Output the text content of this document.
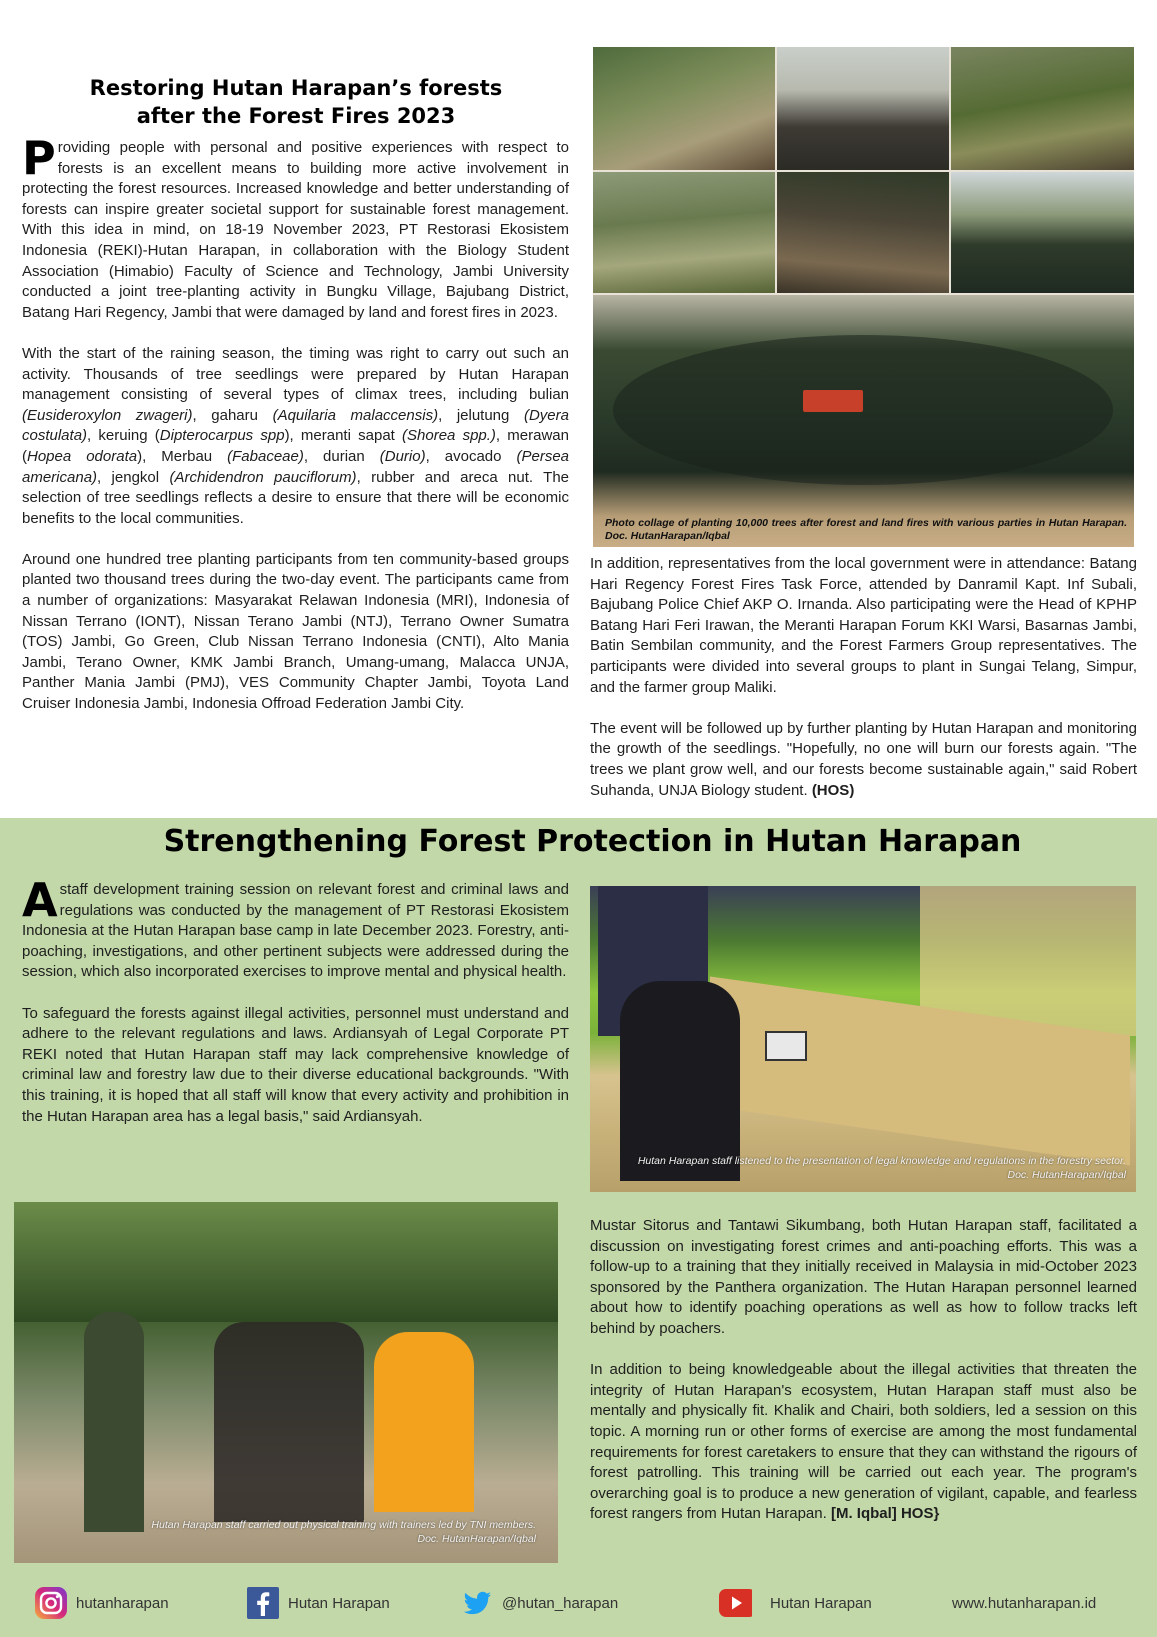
Restoring Hutan Harapan’s forests
after the Forest Fires 2023

Providing people with personal and positive experiences with respect to forests is an excellent means to building more active involvement in protecting the forest resources. Increased knowledge and better understanding of forests can inspire greater societal support for sustainable forest management. With this idea in mind, on 18-19 November 2023, PT Restorasi Ekosistem Indonesia (REKI)-Hutan Harapan, in collaboration with the Biology Student Association (Himabio) Faculty of Science and Technology, Jambi University conducted a joint tree-planting activity in Bungku Village, Bajubang District, Batang Hari Regency, Jambi that were damaged by land and forest fires in 2023.

With the start of the raining season, the timing was right to carry out such an activity. Thousands of tree seedlings were prepared by Hutan Harapan management consisting of several types of climax trees, including bulian (Eusideroxylon zwageri), gaharu (Aquilaria malaccensis), jelutung (Dyera costulata), keruing (Dipterocarpus spp), meranti sapat (Shorea spp.), merawan (Hopea odorata), Merbau (Fabaceae), durian (Durio), avocado (Persea americana), jengkol (Archidendron pauciflorum), rubber and areca nut. The selection of tree seedlings reflects a desire to ensure that there will be economic benefits to the local communities.

Around one hundred tree planting participants from ten community-based groups planted two thousand trees during the two-day event. The participants came from a number of organizations: Masyarakat Relawan Indonesia (MRI), Indonesia of Nissan Terrano (IONT), Nissan Terano Jambi (NTJ), Terrano Owner Sumatra (TOS) Jambi, Go Green, Club Nissan Terrano Indonesia (CNTI), Alto Mania Jambi, Terano Owner, KMK Jambi Branch, Umang-umang, Malacca UNJA, Panther Mania Jambi (PMJ), VES Community Chapter Jambi, Toyota Land Cruiser Indonesia Jambi, Indonesia Offroad Federation Jambi City.

Photo collage of planting 10,000 trees after forest and land fires with various parties in Hutan Harapan. Doc. HutanHarapan/Iqbal

In addition, representatives from the local government were in attendance: Batang Hari Regency Forest Fires Task Force, attended by Danramil Kapt. Inf Subali, Bajubang Police Chief AKP O. Irnanda. Also participating were the Head of KPHP Batang Hari Feri Irawan, the Meranti Harapan Forum KKI Warsi, Basarnas Jambi, Batin Sembilan community, and the Forest Farmers Group representatives. The participants were divided into several groups to plant in Sungai Telang, Simpur, and the farmer group Maliki.

The event will be followed up by further planting by Hutan Harapan and monitoring the growth of the seedlings. "Hopefully, no one will burn our forests again. "The trees we plant grow well, and our forests become sustainable again," said Robert Suhanda, UNJA Biology student. (HOS)

Strengthening Forest Protection in Hutan Harapan

A staff development training session on relevant forest and criminal laws and regulations was conducted by the management of PT Restorasi Ekosistem Indonesia at the Hutan Harapan base camp in late December 2023. Forestry, anti-poaching, investigations, and other pertinent subjects were addressed during the session, which also incorporated exercises to improve mental and physical health.

To safeguard the forests against illegal activities, personnel must understand and adhere to the relevant regulations and laws. Ardiansyah of Legal Corporate PT REKI noted that Hutan Harapan staff may lack comprehensive knowledge of criminal law and forestry law due to their diverse educational backgrounds. "With this training, it is hoped that all staff will know that every activity and prohibition in the Hutan Harapan area has a legal basis," said Ardiansyah.

Hutan Harapan staff listened to the presentation of legal knowledge and regulations in the forestry sector.
Doc. HutanHarapan/Iqbal
Hutan Harapan staff carried out physical training with trainers led by TNI members.
Doc. HutanHarapan/Iqbal

Mustar Sitorus and Tantawi Sikumbang, both Hutan Harapan staff, facilitated a discussion on investigating forest crimes and anti-poaching efforts. This was a follow-up to a training that they initially received in Malaysia in mid-October 2023 sponsored by the Panthera organization. The Hutan Harapan personnel learned about how to identify poaching operations as well as how to follow tracks left behind by poachers.

In addition to being knowledgeable about the illegal activities that threaten the integrity of Hutan Harapan's ecosystem, Hutan Harapan staff must also be mentally and physically fit. Khalik and Chairi, both soldiers, led a session on this topic. A morning run or other forms of exercise are among the most fundamental requirements for forest caretakers to ensure that they can withstand the rigours of forest patrolling. This training will be carried out each year. The program's overarching goal is to produce a new generation of vigilant, capable, and fearless forest rangers from Hutan Harapan. [M. Iqbal] HOS}

hutanharapan	Hutan Harapan	@hutan_harapan	Hutan Harapan	www.hutanharapan.id
